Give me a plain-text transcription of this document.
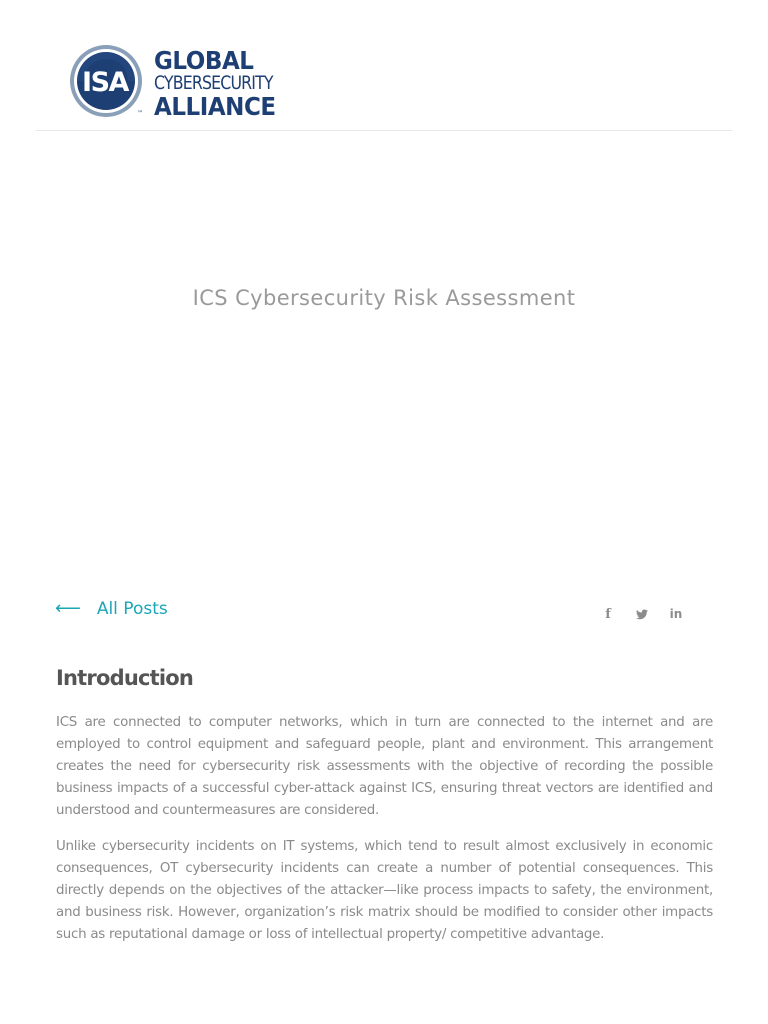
ISA
™
GLOBAL
CYBERSECURITY
ALLIANCE
ICS Cybersecurity Risk Assessment
⟵ All Posts	f	in
Introduction

ICS are connected to computer networks, which in turn are connected to the internet and are employed to control equipment and safeguard people, plant and environment. This arrangement creates the need for cybersecurity risk assessments with the objective of recording the possible business impacts of a successful cyber-attack against ICS, ensuring threat vectors are identified and understood and countermeasures are considered.

Unlike cybersecurity incidents on IT systems, which tend to result almost exclusively in economic consequences, OT cybersecurity incidents can create a number of potential consequences. This directly depends on the objectives of the attacker—like process impacts to safety, the environment, and business risk. However, organization’s risk matrix should be modified to consider other impacts such as reputational damage or loss of intellectual property/ competitive advantage.
